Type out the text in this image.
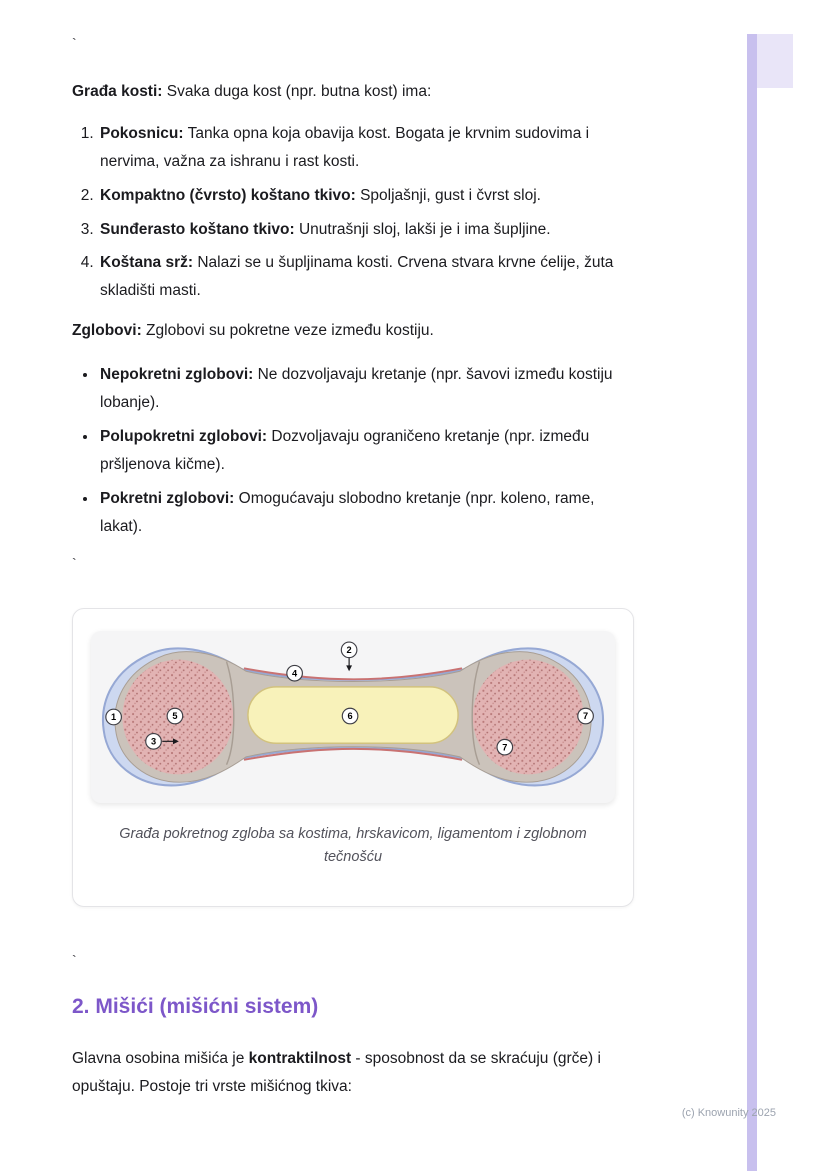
`

Građa kosti: Svaka duga kost (npr. butna kost) ima:

1. Pokosnicu: Tanka opna koja obavija kost. Bogata je krvnim sudovima i nervima, važna za ishranu i rast kosti.
2. Kompaktno (čvrsto) koštano tkivo: Spoljašnji, gust i čvrst sloj.
3. Sunđerasto koštano tkivo: Unutrašnji sloj, lakši je i ima šupljine.
4. Koštana srž: Nalazi se u šupljinama kosti. Crvena stvara krvne ćelije, žuta skladišti masti.

Zglobovi: Zglobovi su pokretne veze između kostiju.

• Nepokretni zglobovi: Ne dozvoljavaju kretanje (npr. šavovi između kostiju lobanje).
• Polupokretni zglobovi: Dozvoljavaju ograničeno kretanje (npr. između pršljenova kičme).
• Pokretni zglobovi: Omogućavaju slobodno kretanje (npr. koleno, rame, lakat).
`
1	5
3
4
2
6
7
7
Građa pokretnog zgloba sa kostima, hrskavicom, ligamentom i zglobnom tečnošću
`
2. Mišići (mišićni sistem)

Glavna osobina mišića je kontraktilnost - sposobnost da se skraćuju (grče) i opuštaju. Postoje tri vrste mišićnog tkiva:

(c) Knowunity 2025
